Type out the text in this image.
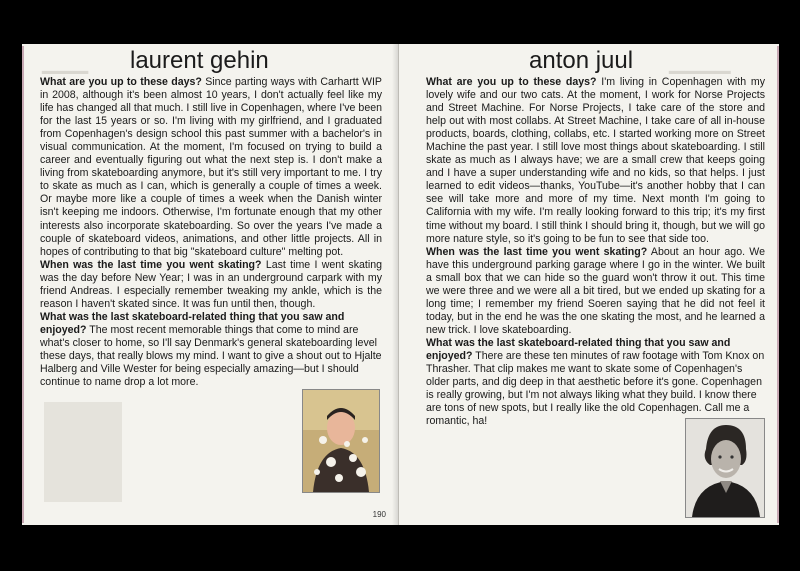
▁▁▁ laurent gehin

What are you up to these days? Since parting ways with Carhartt WIP in 2008, although it's been almost 10 years, I don't actually feel like my life has changed all that much. I still live in Copenhagen, where I've been for the last 15 years or so. I'm living with my girlfriend, and I graduated from Copenhagen's design school this past summer with a bachelor's in visual communication. At the moment, I'm focused on trying to build a career and eventually figuring out what the next step is. I don't make a living from skateboarding anymore, but it's still very important to me. I try to skate as much as I can, which is generally a couple of times a week. Or maybe more like a couple of times a week when the Danish winter isn't keeping me indoors. Otherwise, I'm fortunate enough that my other interests also incorporate skateboarding. So over the years I've made a couple of skateboard videos, animations, and other little projects. All in hopes of contributing to that big "skateboard culture" melting pot.

When was the last time you went skating? Last time I went skating was the day before New Year; I was in an underground carpark with my friend Andreas. I especially remember tweaking my ankle, which is the reason I haven't skated since. It was fun until then, though.

What was the last skateboard-related thing that you saw and enjoyed? The most recent memorable things that come to mind are what's closer to home, so I'll say Denmark's general skateboarding level these days, that really blows my mind. I want to give a shout out to Hjalte Halberg and Ville Wester for being especially amazing—but I should continue to name drop a lot more.

190
▁▁▁▁
anton juul

What are you up to these days? I'm living in Copenhagen with my lovely wife and our two cats. At the moment, I work for Norse Projects and Street Machine. For Norse Projects, I take care of the store and help out with most collabs. At Street Machine, I take care of all in-house products, boards, clothing, collabs, etc. I started working more on Street Machine the past year. I still love most things about skateboarding. I still skate as much as I always have; we are a small crew that keeps going and I have a super understanding wife and no kids, so that helps. I just learned to edit videos—thanks, YouTube—it's another hobby that I can see will take more and more of my time. Next month I'm going to California with my wife. I'm really looking forward to this trip; it's my first time without my board. I still think I should bring it, though, but we will go more nature style, so it's going to be fun to see that side too.

When was the last time you went skating? About an hour ago. We have this underground parking garage where I go in the winter. We built a small box that we can hide so the guard won't throw it out. This time we were three and we were all a bit tired, but we ended up skating for a long time; I remember my friend Soeren saying that he did not feel it today, but in the end he was the one skating the most, and he learned a new trick. I love skateboarding.

What was the last skateboard-related thing that you saw and enjoyed? There are these ten minutes of raw footage with Tom Knox on Thrasher. That clip makes me want to skate some of Copenhagen's older parts, and dig deep in that aesthetic before it's gone. Copenhagen is really growing, but I'm not always liking what they build. I know there are tons of new spots, but I really like the old Copenhagen. Call me a romantic, ha!
